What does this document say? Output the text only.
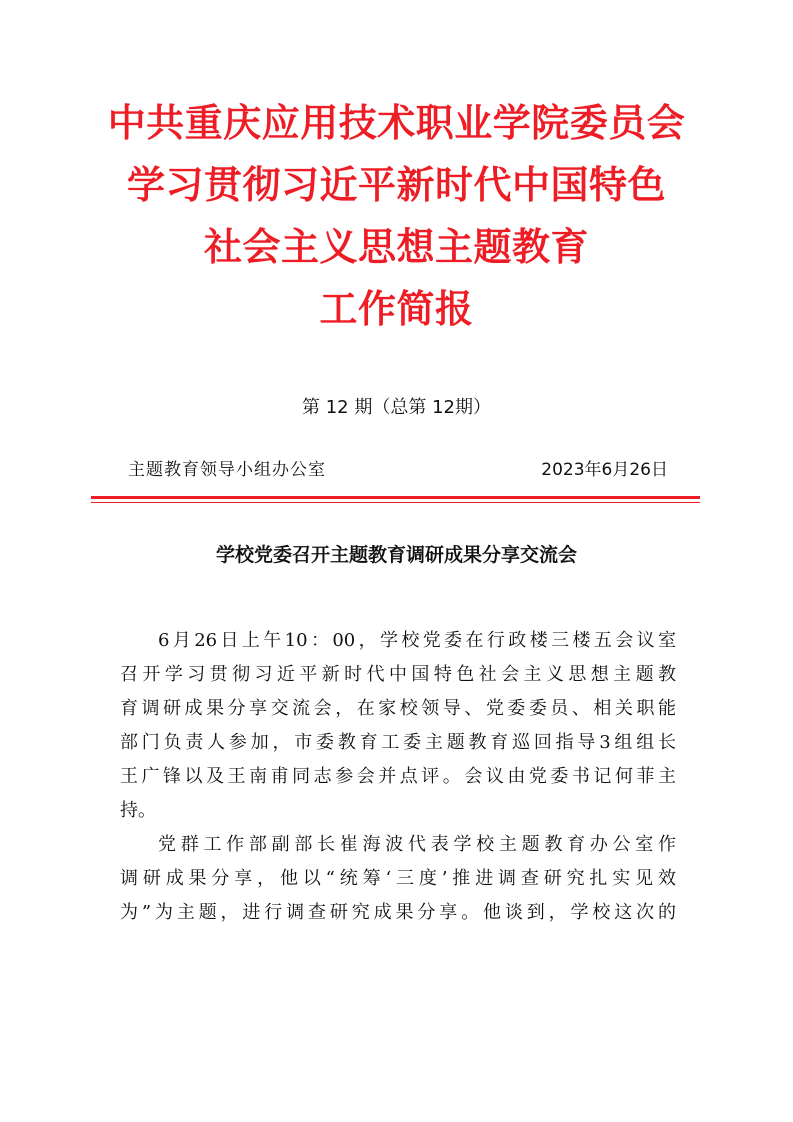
中共重庆应用技术职业学院委员会
学习贯彻习近平新时代中国特色
社会主义思想主题教育
工作简报
第 12 期（总第 12期）
主题教育领导小组办公室	2023年6月26日
学校党委召开主题教育调研成果分享交流会
6月26日上午10：00，学校党委在行政楼三楼五会议室
召开学习贯彻习近平新时代中国特色社会主义思想主题教
育调研成果分享交流会，在家校领导、党委委员、相关职能
部门负责人参加，市委教育工委主题教育巡回指导3组组长
王广锋以及王南甫同志参会并点评。会议由党委书记何菲主
持。
党群工作部副部长崔海波代表学校主题教育办公室作
调研成果分享，他以“统筹‘三度’推进调查研究扎实见效
为”为主题，进行调查研究成果分享。他谈到，学校这次的
